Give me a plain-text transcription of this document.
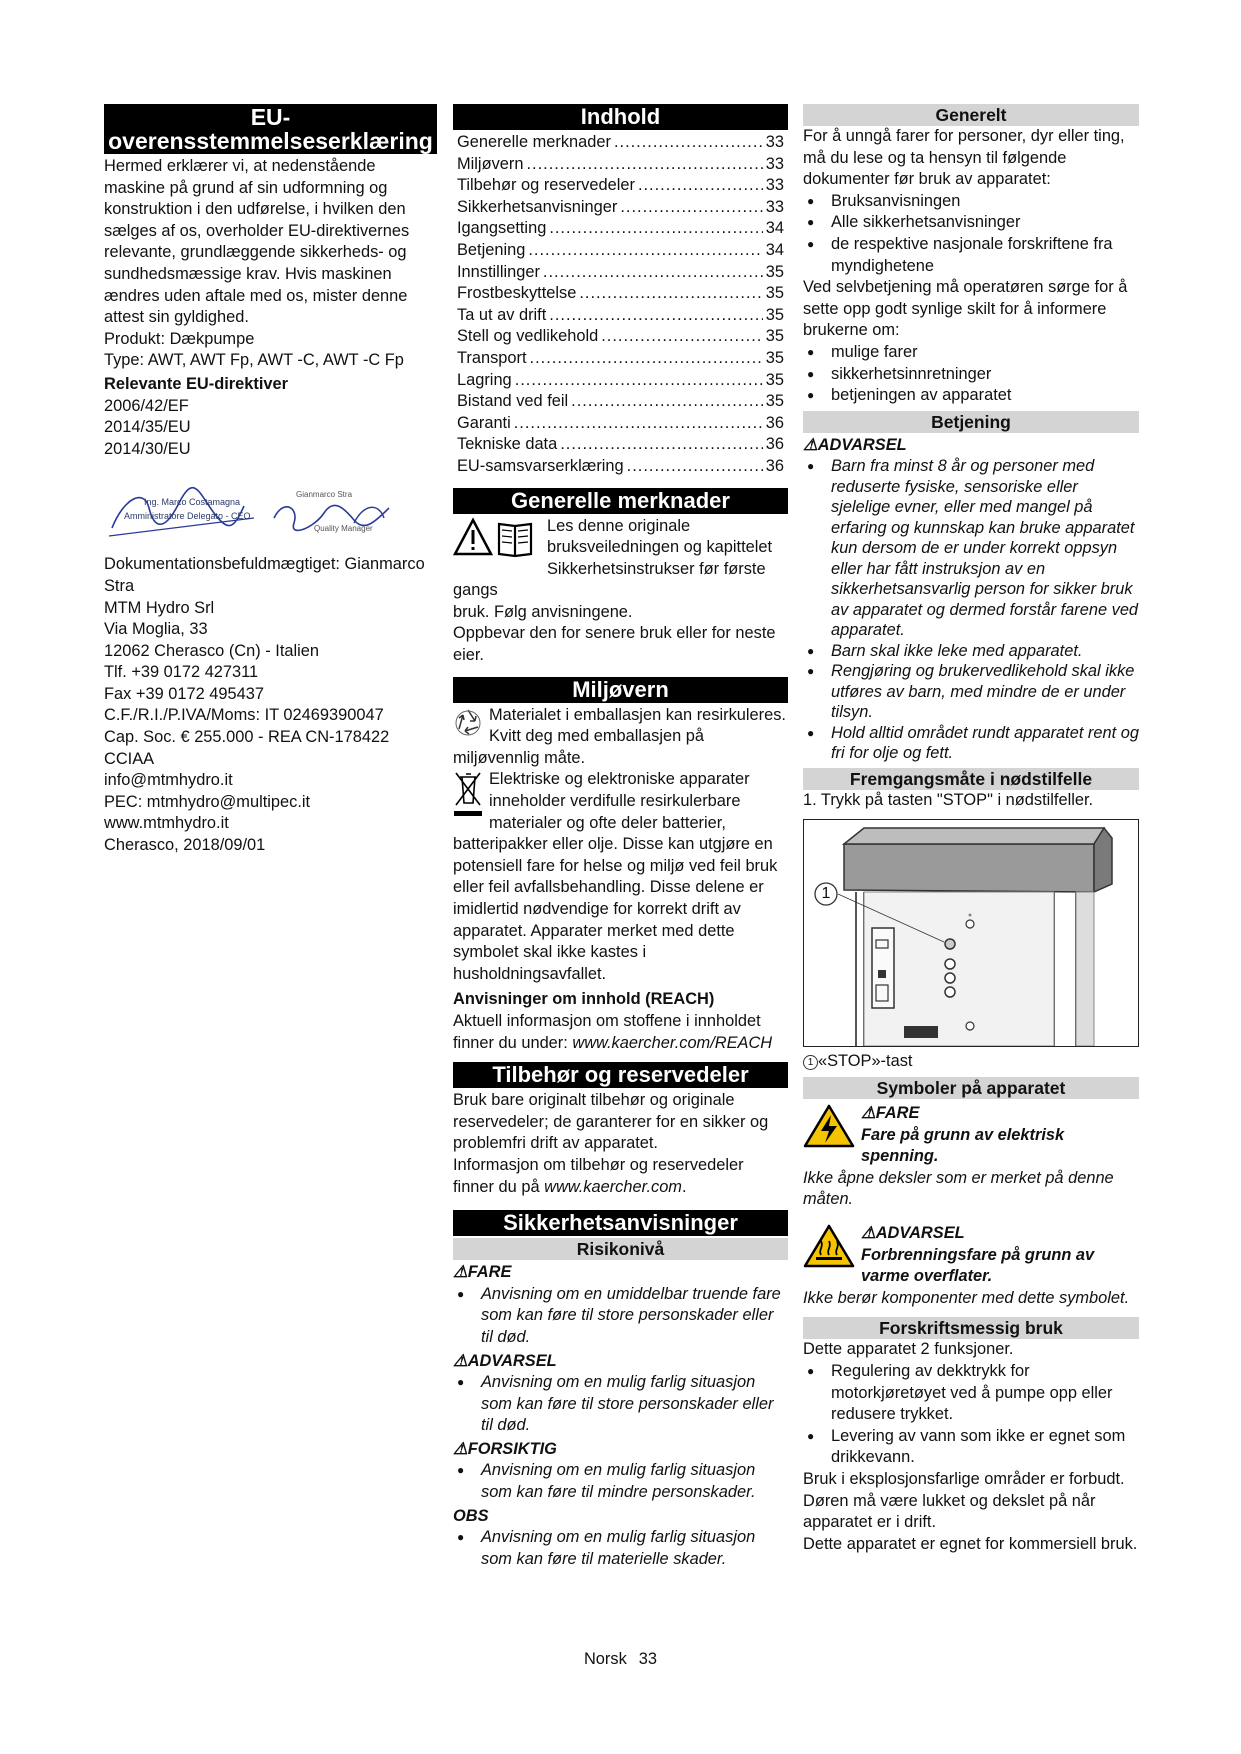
EU-
overensstemmelseserklæring

Hermed erklærer vi, at nedenstående maskine på grund af sin udformning og konstruktion i den udførelse, i hvilken den sælges af os, overholder EU-direktivernes relevante, grundlæggende sikkerheds- og sundhedsmæssige krav. Hvis maskinen ændres uden aftale med os, mister denne attest sin gyldighed.

Produkt: Dækpumpe

Type: AWT, AWT Fp, AWT -C, AWT -C Fp

Relevante EU-direktiver

2006/42/EF

2014/35/EU

2014/30/EU

Ing. Marco Costamagna
Amministratore Delegato - CEO
Gianmarco Stra
Quality Manager

Dokumentationsbefuldmægtiget: Gianmarco Stra

MTM Hydro Srl

Via Moglia, 33

12062 Cherasco (Cn) - Italien

Tlf. +39 0172 427311

Fax +39 0172 495437

C.F./R.I./P.IVA/Moms: IT 02469390047

Cap. Soc. € 255.000 - REA CN-178422

CCIAA

info@mtmhydro.it

PEC: mtmhydro@multipec.it

www.mtmhydro.it

Cherasco, 2018/09/01

Indhold
Generelle merknader .....	33
Miljøvern .....	33
Tilbehør og reservedeler .....	33
Sikkerhetsanvisninger .....	33
Igangsetting .....	34
Betjening .....	34
Innstillinger .....	35
Frostbeskyttelse .....	35
Ta ut av drift .....	35
Stell og vedlikehold .....	35
Transport .....	35
Lagring .....	35
Bistand ved feil .....	35
Garanti .....	36
Tekniske data .....	36
EU-samsvarserklæring .....	36
Generelle merknader

Les denne originale bruksveiledningen og kapittelet Sikkerhetsinstrukser før første gangs

bruk. Følg anvisningene.

Oppbevar den for senere bruk eller for neste eier.

Miljøvern

Materialet i emballasjen kan resirkuleres. Kvitt deg med emballasjen på miljøvennlig måte.

Elektriske og elektroniske apparater inneholder verdifulle resirkulerbare materialer og ofte deler batterier, batteripakker eller olje. Disse kan utgjøre en potensiell fare for helse og miljø ved feil bruk eller feil avfallsbehandling. Disse delene er imidlertid nødvendige for korrekt drift av apparatet. Apparater merket med dette symbolet skal ikke kastes i husholdningsavfallet.

Anvisninger om innhold (REACH)

Aktuell informasjon om stoffene i innholdet finner du under: www.kaercher.com/REACH

Tilbehør og reservedeler

Bruk bare originalt tilbehør og originale reservedeler; de garanterer for en sikker og problemfri drift av apparatet.

Informasjon om tilbehør og reservedeler finner du på www.kaercher.com.

Sikkerhetsanvisninger
Risikonivå

⚠FARE

● Anvisning om en umiddelbar truende fare som kan føre til store personskader eller til død.

⚠ADVARSEL

● Anvisning om en mulig farlig situasjon som kan føre til store personskader eller til død.

⚠FORSIKTIG

● Anvisning om en mulig farlig situasjon som kan føre til mindre personskader.

OBS

● Anvisning om en mulig farlig situasjon som kan føre til materielle skader.
Generelt

For å unngå farer for personer, dyr eller ting, må du lese og ta hensyn til følgende dokumenter før bruk av apparatet:

● Bruksanvisningen
● Alle sikkerhetsanvisninger
● de respektive nasjonale forskriftene fra myndighetene

Ved selvbetjening må operatøren sørge for å sette opp godt synlige skilt for å informere brukerne om:

● mulige farer
● sikkerhetsinnretninger
● betjeningen av apparatet
Betjening

⚠ADVARSEL

● Barn fra minst 8 år og personer med reduserte fysiske, sensoriske eller sjelelige evner, eller med mangel på erfaring og kunnskap kan bruke apparatet kun dersom de er under korrekt oppsyn eller har fått instruksjon av en sikkerhetsansvarlig person for sikker bruk av apparatet og dermed forstår farene ved apparatet.
● Barn skal ikke leke med apparatet.
● Rengjøring og brukervedlikehold skal ikke utføres av barn, med mindre de er under tilsyn.
● Hold alltid området rundt apparatet rent og fri for olje og fett.
Fremgangsmåte i nødstilfelle

1. Trykk på tasten "STOP" i nødstilfeller.

1

1 «STOP»-tast

Symboler på apparatet

⚠FARE

Fare på grunn av elektrisk spenning.

Ikke åpne deksler som er merket på denne måten.

⚠ADVARSEL

Forbrenningsfare på grunn av varme overflater.

Ikke berør komponenter med dette symbolet.

Forskriftsmessig bruk

Dette apparatet 2 funksjoner.

● Regulering av dekktrykk for motorkjøretøyet ved å pumpe opp eller redusere trykket.
● Levering av vann som ikke er egnet som drikkevann.

Bruk i eksplosjonsfarlige områder er forbudt.

Døren må være lukket og dekslet på når apparatet er i drift.

Dette apparatet er egnet for kommersiell bruk.

Norsk 33
